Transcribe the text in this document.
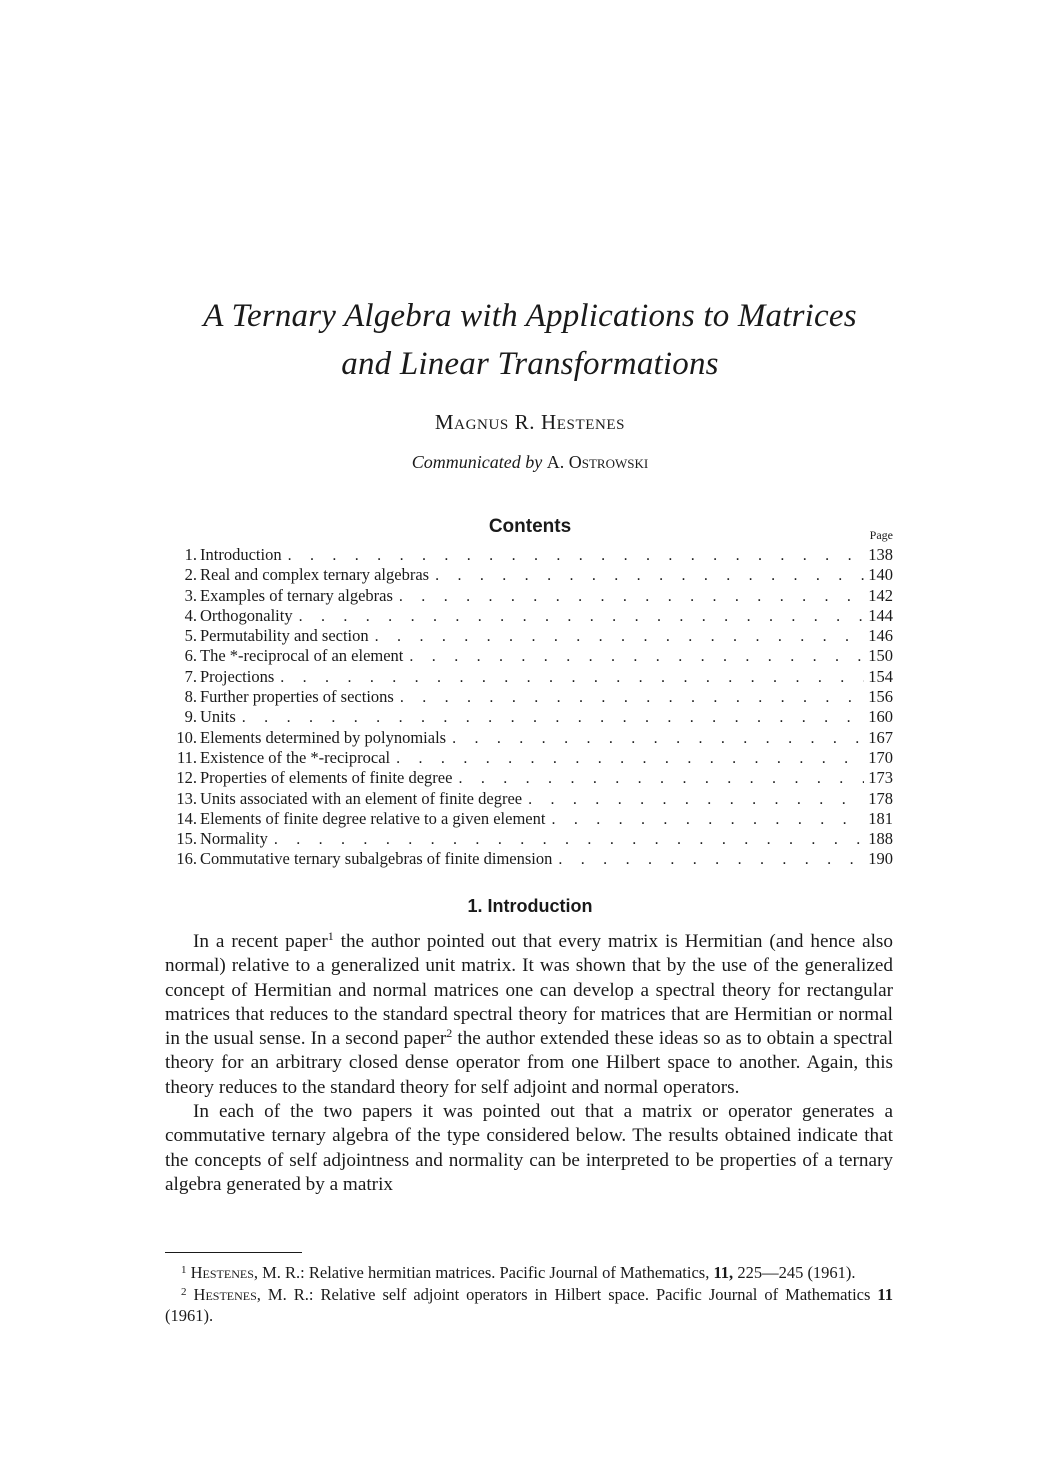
A Ternary Algebra with Applications to Matrices
and Linear Transformations
Magnus R. Hestenes
Communicated by A. Ostrowski
Contents	Page
1. Introduction . . .	138
2. Real and complex ternary algebras . . .	140
3. Examples of ternary algebras . . .	142
4. Orthogonality . . .	144
5. Permutability and section . . .	146
6. The *-reciprocal of an element . . .	150
7. Projections . . .	154
8. Further properties of sections . . .	156
9. Units . . .	160
10. Elements determined by polynomials . . .	167
11. Existence of the *-reciprocal . . .	170
12. Properties of elements of finite degree . . .	173
13. Units associated with an element of finite degree . . .	178
14. Elements of finite degree relative to a given element . . .	181
15. Normality . . .	188
16. Commutative ternary subalgebras of finite dimension . . .	190
1. Introduction

In a recent paper$^1$ the author pointed out that every matrix is Hermitian (and hence also normal) relative to a generalized unit matrix. It was shown that by the use of the generalized concept of Hermitian and normal matrices one can develop a spectral theory for rectangular matrices that reduces to the standard spectral theory for matrices that are Hermitian or normal in the usual sense. In a second paper$^2$ the author extended these ideas so as to obtain a spectral theory for an arbitrary closed dense operator from one Hilbert space to another. Again, this theory reduces to the standard theory for self adjoint and normal operators.

In each of the two papers it was pointed out that a matrix or operator generates a commutative ternary algebra of the type considered below. The results obtained indicate that the concepts of self adjointness and normality can be interpreted to be properties of a ternary algebra generated by a matrix

$^1$ Hestenes, M. R.: Relative hermitian matrices. Pacific Journal of Mathematics, 11, 225—245 (1961).

$^2$ Hestenes, M. R.: Relative self adjoint operators in Hilbert space. Pacific Journal of Mathematics 11 (1961).
